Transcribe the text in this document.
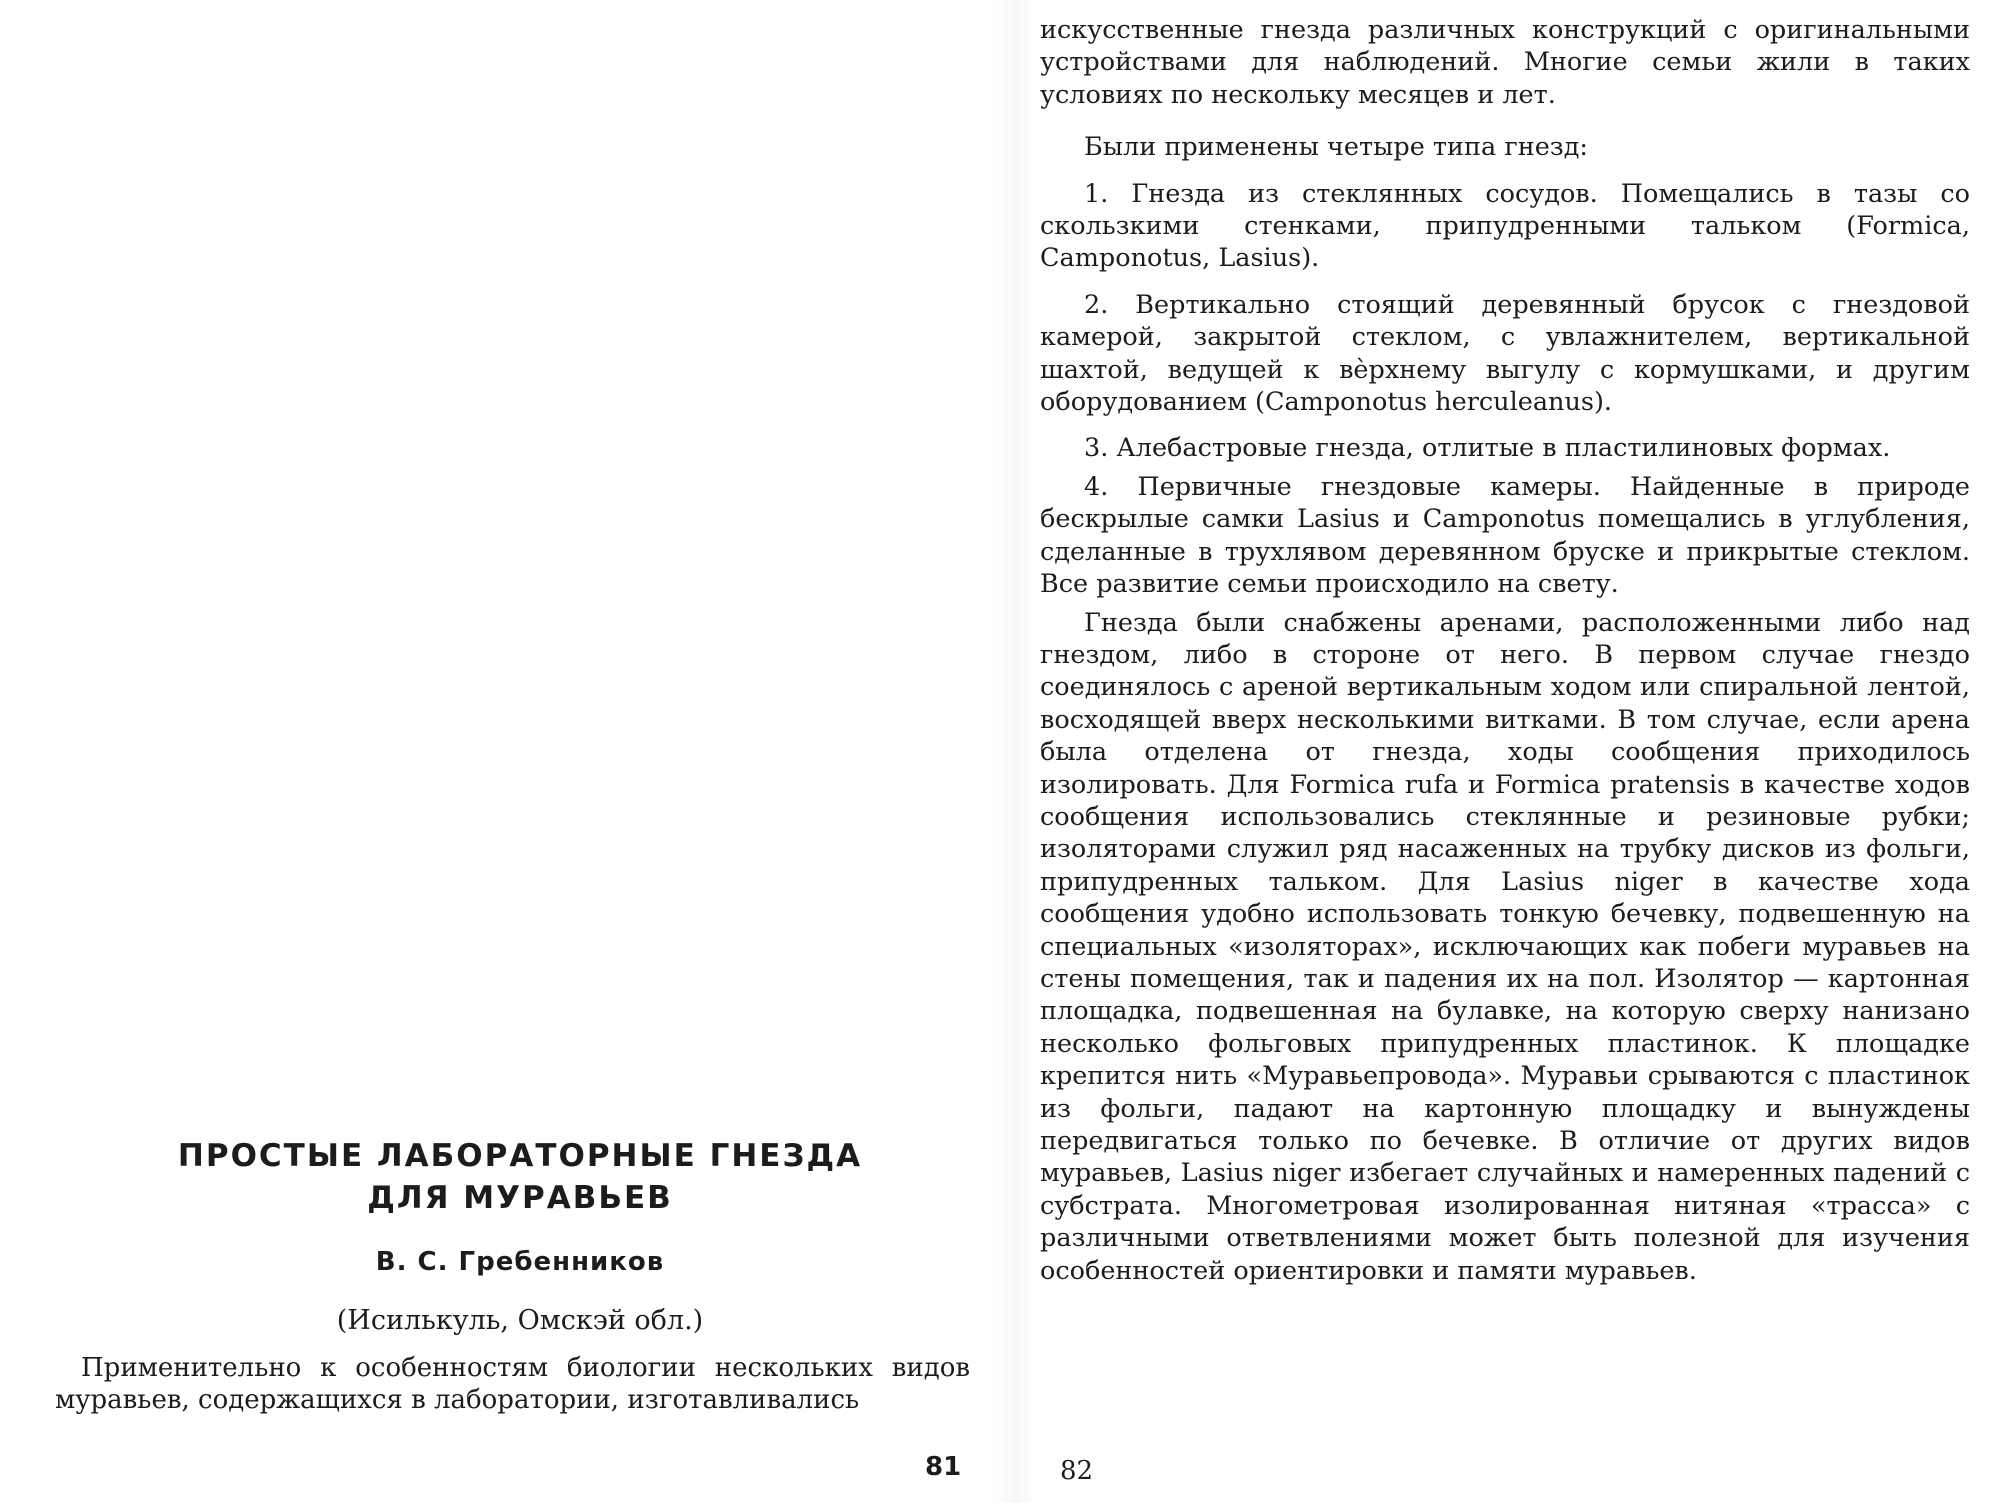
ПРОСТЫЕ ЛАБОРАТОРНЫЕ ГНЕЗДА
ДЛЯ МУРАВЬЕВ

В. С. Гребенников

(Исилькуль, Омскэй обл.)

Применительно к особенностям биологии нескольких видов муравьев, содержащихся в лаборатории, изготавливались

81

искусственные гнезда различных конструкций с оригинальными устройствами для наблюдений. Многие семьи жили в таких условиях по нескольку месяцев и лет.

Были применены четыре типа гнезд:

1. Гнезда из стеклянных сосудов. Помещались в тазы со скользкими стенками, припудренными тальком (Formica, Camponotus, Lasius).

2. Вертикально стоящий деревянный брусок с гнездовой камерой, закрытой стеклом, с увлажнителем, вертикальной шахтой, ведущей к вѐрхнему выгулу с кормушками, и другим оборудованием (Camponotus herculeanus).

3. Алебастровые гнезда, отлитые в пластилиновых формах.

4. Первичные гнездовые камеры. Найденные в природе бескрылые самки Lasius и Camponotus помещались в углубления, сделанные в трухлявом деревянном бруске и прикрытые стеклом. Все развитие семьи происходило на свету.

Гнезда были снабжены аренами, расположенными либо над гнездом, либо в стороне от него. В первом случае гнездо соединялось с ареной вертикальным ходом или спиральной лентой, восходящей вверх несколькими витками. В том случае, если арена была отделена от гнезда, ходы сообщения приходилось изолировать. Для Formica rufa и Formica pratensis в качестве ходов сообщения использовались стеклянные и резиновые рубки; изоляторами служил ряд насаженных на трубку дисков из фольги, припудренных тальком. Для Lasius niger в качестве хода сообщения удобно использовать тонкую бечевку, подвешенную на специальных «изоляторах», исключающих как побеги муравьев на стены помещения, так и падения их на пол. Изолятор — картонная площадка, подвешенная на булавке, на которую сверху нанизано несколько фольговых припудренных пластинок. К площадке крепится нить «Муравьепровода». Муравьи срываются с пластинок из фольги, падают на картонную площадку и вынуждены передвигаться только по бечевке. В отличие от других видов муравьев, Lasius niger избегает случайных и намеренных падений с субстрата. Многометровая изолированная нитяная «трасса» с различными ответвлениями может быть полезной для изучения особенностей ориентировки и памяти муравьев.

82
